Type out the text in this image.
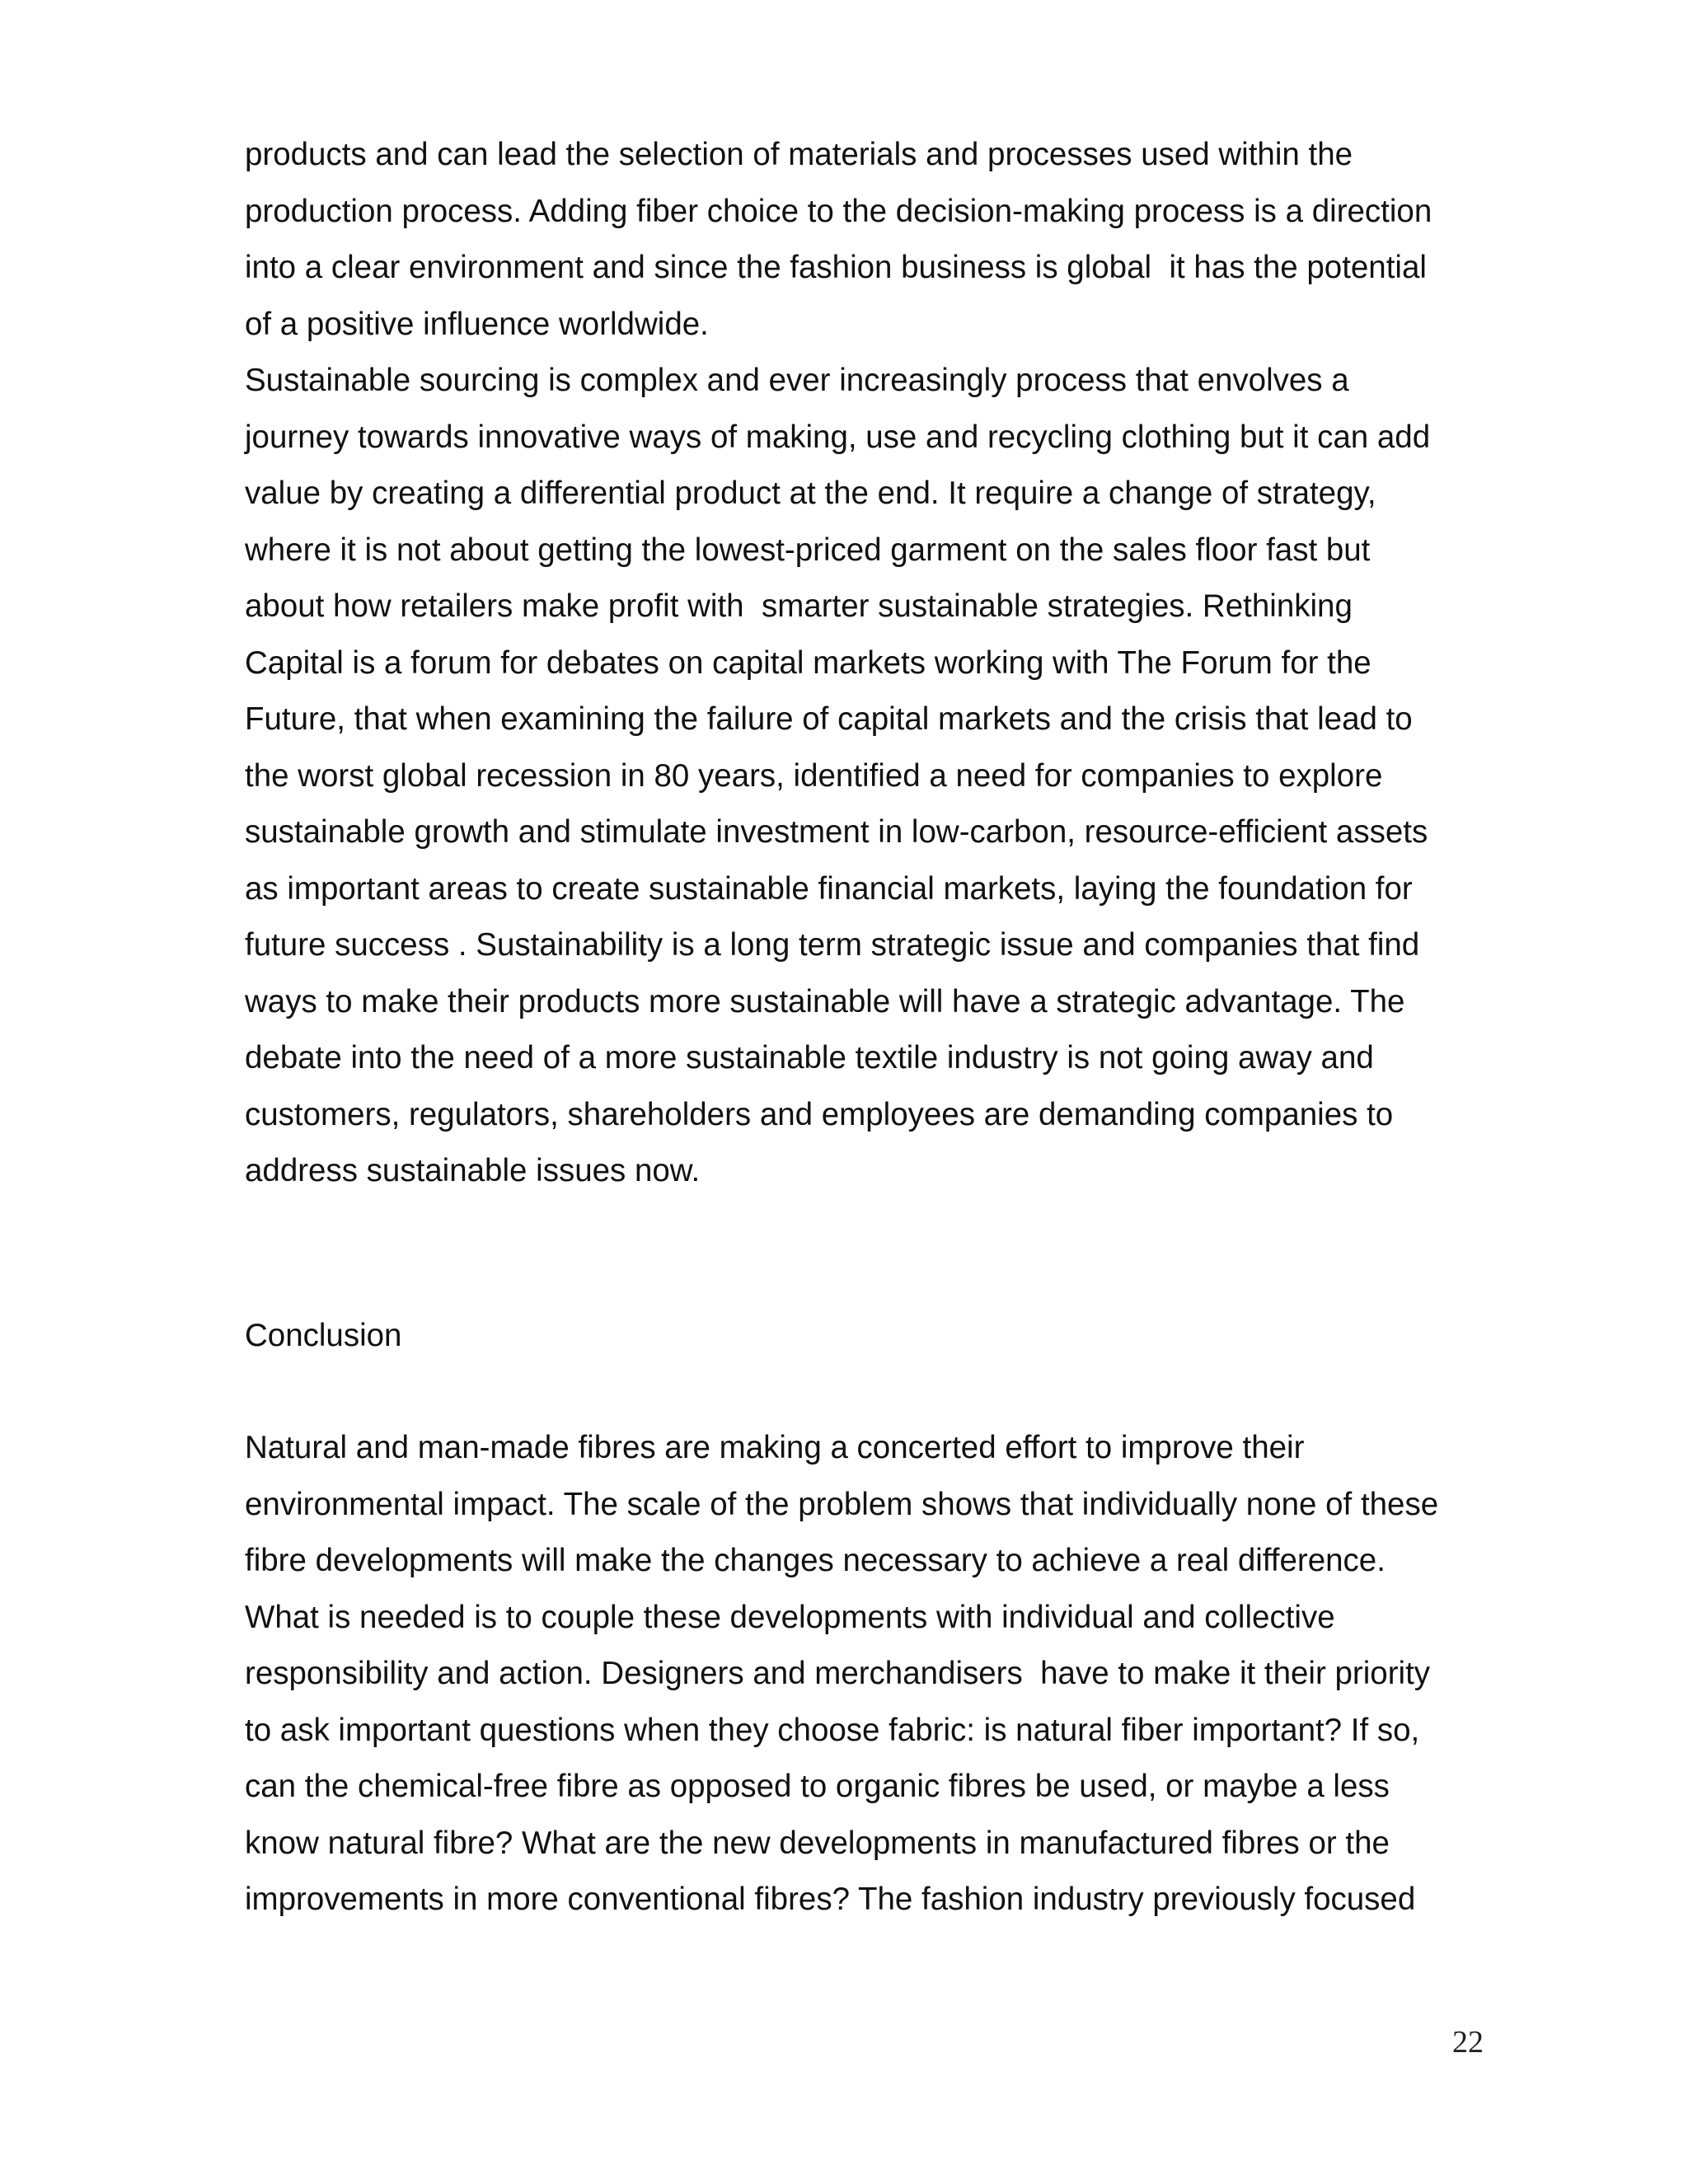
products and can lead the selection of materials and processes used within the
production process. Adding fiber choice to the decision-making process is a direction
into a clear environment and since the fashion business is global  it has the potential
of a positive influence worldwide.
Sustainable sourcing is complex and ever increasingly process that envolves a
journey towards innovative ways of making, use and recycling clothing but it can add
value by creating a differential product at the end. It require a change of strategy,
where it is not about getting the lowest-priced garment on the sales floor fast but
about how retailers make profit with  smarter sustainable strategies. Rethinking
Capital is a forum for debates on capital markets working with The Forum for the
Future, that when examining the failure of capital markets and the crisis that lead to
the worst global recession in 80 years, identified a need for companies to explore
sustainable growth and stimulate investment in low-carbon, resource-efficient assets
as important areas to create sustainable financial markets, laying the foundation for
future success . Sustainability is a long term strategic issue and companies that find
ways to make their products more sustainable will have a strategic advantage. The
debate into the need of a more sustainable textile industry is not going away and
customers, regulators, shareholders and employees are demanding companies to
address sustainable issues now.
Conclusion
Natural and man-made fibres are making a concerted effort to improve their
environmental impact. The scale of the problem shows that individually none of these
fibre developments will make the changes necessary to achieve a real difference.
What is needed is to couple these developments with individual and collective
responsibility and action. Designers and merchandisers  have to make it their priority
to ask important questions when they choose fabric: is natural fiber important? If so,
can the chemical-free fibre as opposed to organic fibres be used, or maybe a less
know natural fibre? What are the new developments in manufactured fibres or the
improvements in more conventional fibres? The fashion industry previously focused
22
